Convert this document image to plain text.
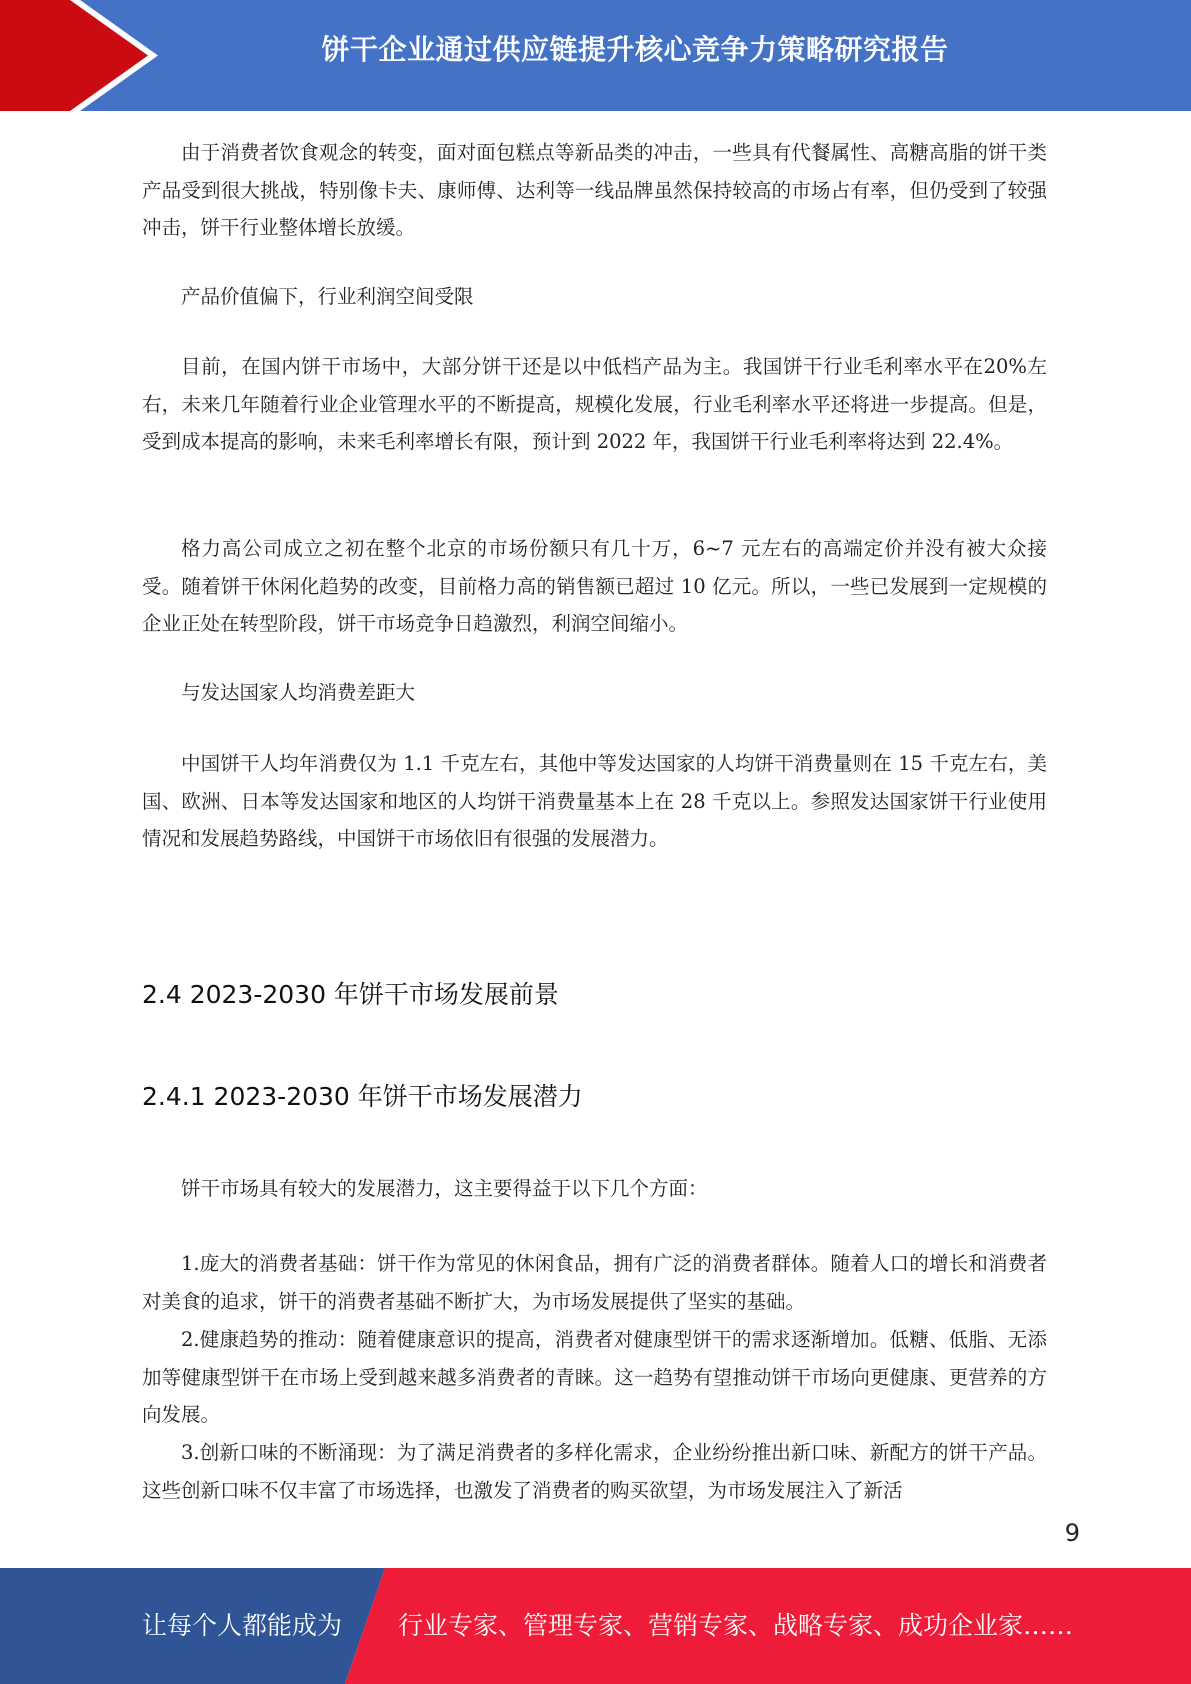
饼干企业通过供应链提升核心竞争力策略研究报告

由于消费者饮食观念的转变，面对面包糕点等新品类的冲击，一些具有代餐属性、高糖高脂的饼干类产品受到很大挑战，特别像卡夫、康师傅、达利等一线品牌虽然保持较高的市场占有率，但仍受到了较强冲击，饼干行业整体增长放缓。

产品价值偏下，行业利润空间受限

目前，在国内饼干市场中，大部分饼干还是以中低档产品为主。我国饼干行业毛利率水平在20%左右，未来几年随着行业企业管理水平的不断提高，规模化发展，行业毛利率水平还将进一步提高。但是，受到成本提高的影响，未来毛利率增长有限，预计到 2022 年，我国饼干行业毛利率将达到 22.4%。

格力高公司成立之初在整个北京的市场份额只有几十万，6~7 元左右的高端定价并没有被大众接受。随着饼干休闲化趋势的改变，目前格力高的销售额已超过 10 亿元。所以，一些已发展到一定规模的企业正处在转型阶段，饼干市场竞争日趋激烈，利润空间缩小。

与发达国家人均消费差距大

中国饼干人均年消费仅为 1.1 千克左右，其他中等发达国家的人均饼干消费量则在 15 千克左右，美国、欧洲、日本等发达国家和地区的人均饼干消费量基本上在 28 千克以上。参照发达国家饼干行业使用情况和发展趋势路线，中国饼干市场依旧有很强的发展潜力。

2.4 2023-2030 年饼干市场发展前景
2.4.1 2023-2030 年饼干市场发展潜力

饼干市场具有较大的发展潜力，这主要得益于以下几个方面：

1.庞大的消费者基础：饼干作为常见的休闲食品，拥有广泛的消费者群体。随着人口的增长和消费者对美食的追求，饼干的消费者基础不断扩大，为市场发展提供了坚实的基础。

2.健康趋势的推动：随着健康意识的提高，消费者对健康型饼干的需求逐渐增加。低糖、低脂、无添加等健康型饼干在市场上受到越来越多消费者的青睐。这一趋势有望推动饼干市场向更健康、更营养的方向发展。

3.创新口味的不断涌现：为了满足消费者的多样化需求，企业纷纷推出新口味、新配方的饼干产品。这些创新口味不仅丰富了市场选择，也激发了消费者的购买欲望，为市场发展注入了新活

9
让每个人都能成为 行业专家、管理专家、营销专家、战略专家、成功企业家……
